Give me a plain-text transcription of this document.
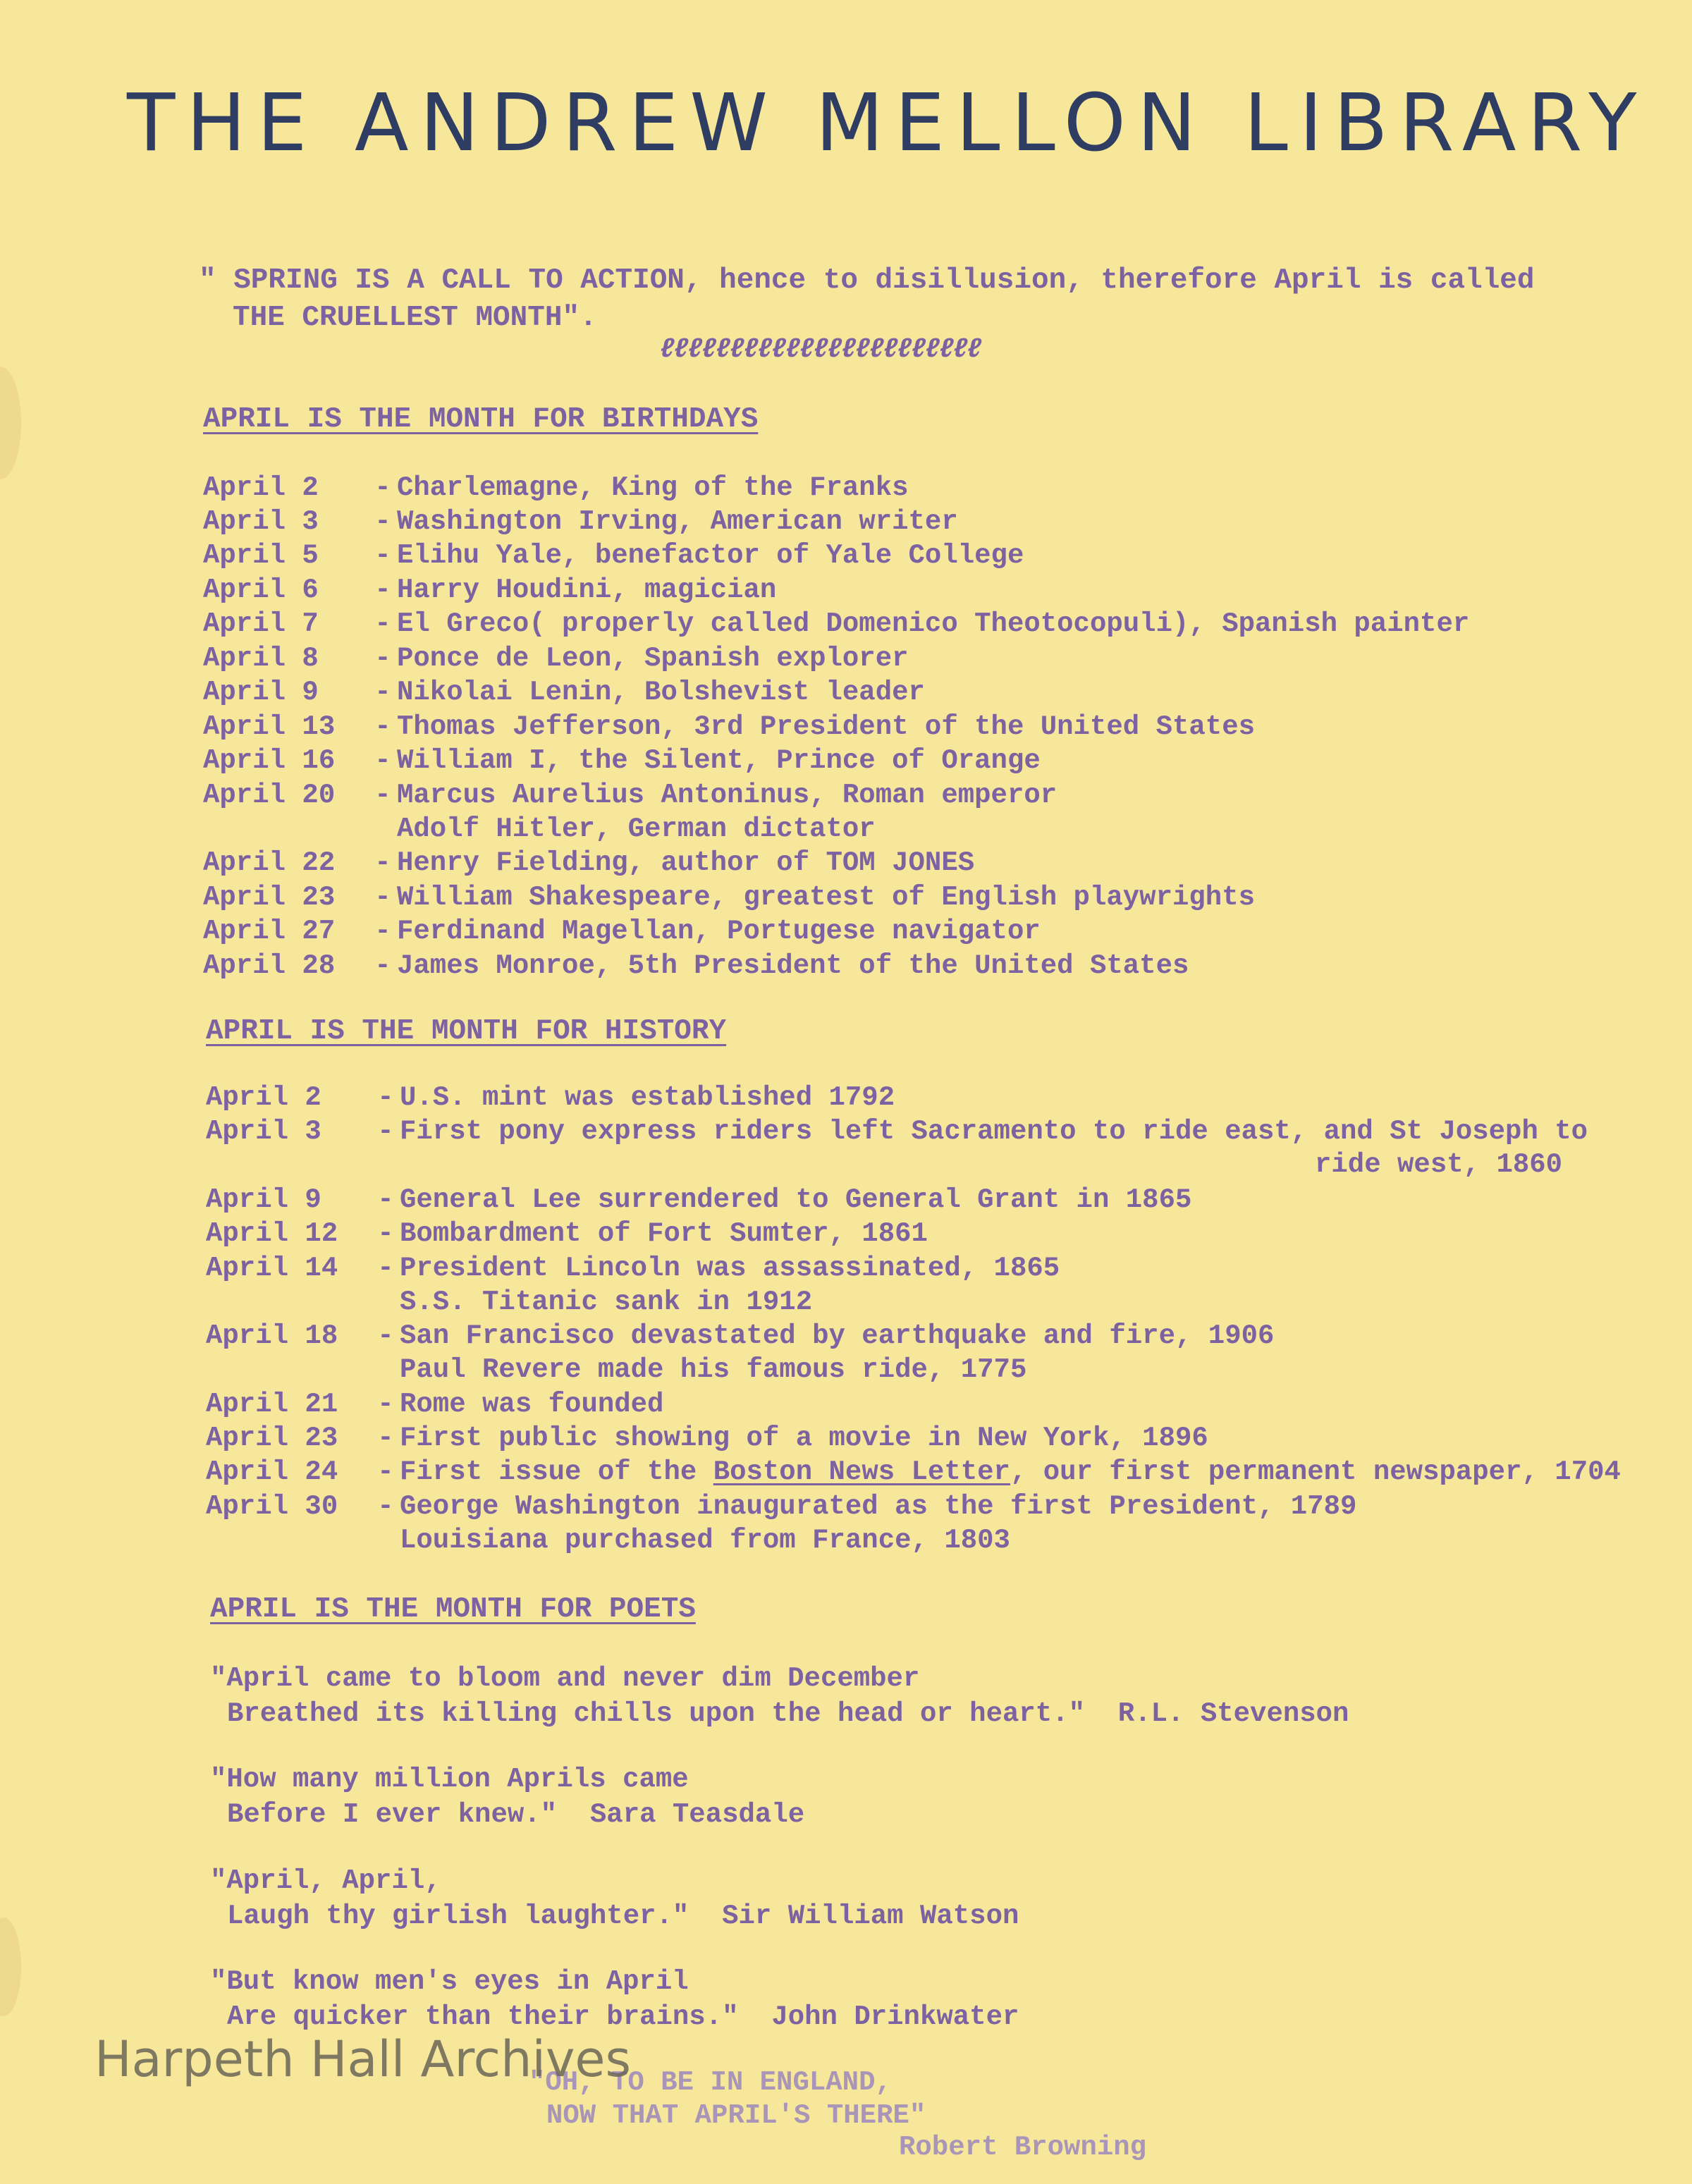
THE ANDREW MELLON LIBRARY
" SPRING IS A CALL TO ACTION, hence to disillusion, therefore April is called
THE CRUELLEST MONTH".
ℓℓℓℓℓℓℓℓℓℓℓℓℓℓℓℓℓℓℓℓℓℓℓ
APRIL IS THE MONTH FOR BIRTHDAYS
April 2 - Charlemagne, King of the Franks
April 3 - Washington Irving, American writer
April 5 - Elihu Yale, benefactor of Yale College
April 6 - Harry Houdini, magician
April 7 - El Greco( properly called Domenico Theotocopuli), Spanish painter
April 8 - Ponce de Leon, Spanish explorer
April 9 - Nikolai Lenin, Bolshevist leader
April 13 - Thomas Jefferson, 3rd President of the United States
April 16 - William I, the Silent, Prince of Orange
April 20 - Marcus Aurelius Antoninus, Roman emperor
Adolf Hitler, German dictator
April 22 - Henry Fielding, author of TOM JONES
April 23 - William Shakespeare, greatest of English playwrights
April 27 - Ferdinand Magellan, Portugese navigator
April 28 - James Monroe, 5th President of the United States
APRIL IS THE MONTH FOR HISTORY
April 2 - U.S. mint was established 1792
April 3 - First pony express riders left Sacramento to ride east, and St Joseph to
ride west, 1860
April 9 - General Lee surrendered to General Grant in 1865
April 12 - Bombardment of Fort Sumter, 1861
April 14 - President Lincoln was assassinated, 1865
S.S. Titanic sank in 1912
April 18 - San Francisco devastated by earthquake and fire, 1906
Paul Revere made his famous ride, 1775
April 21 - Rome was founded
April 23 - First public showing of a movie in New York, 1896
April 24 - First issue of the Boston News Letter, our first permanent newspaper, 1704
April 30 - George Washington inaugurated as the first President, 1789
Louisiana purchased from France, 1803
APRIL IS THE MONTH FOR POETS
"April came to bloom and never dim December
Breathed its killing chills upon the head or heart."  R.L. Stevenson
"How many million Aprils came
Before I ever knew."  Sara Teasdale
"April, April,
Laugh thy girlish laughter."  Sir William Watson
"But know men's eyes in April
Are quicker than their brains."  John Drinkwater
"OH, TO BE IN ENGLAND,
NOW THAT APRIL'S THERE"
Robert Browning
Harpeth Hall Archives
